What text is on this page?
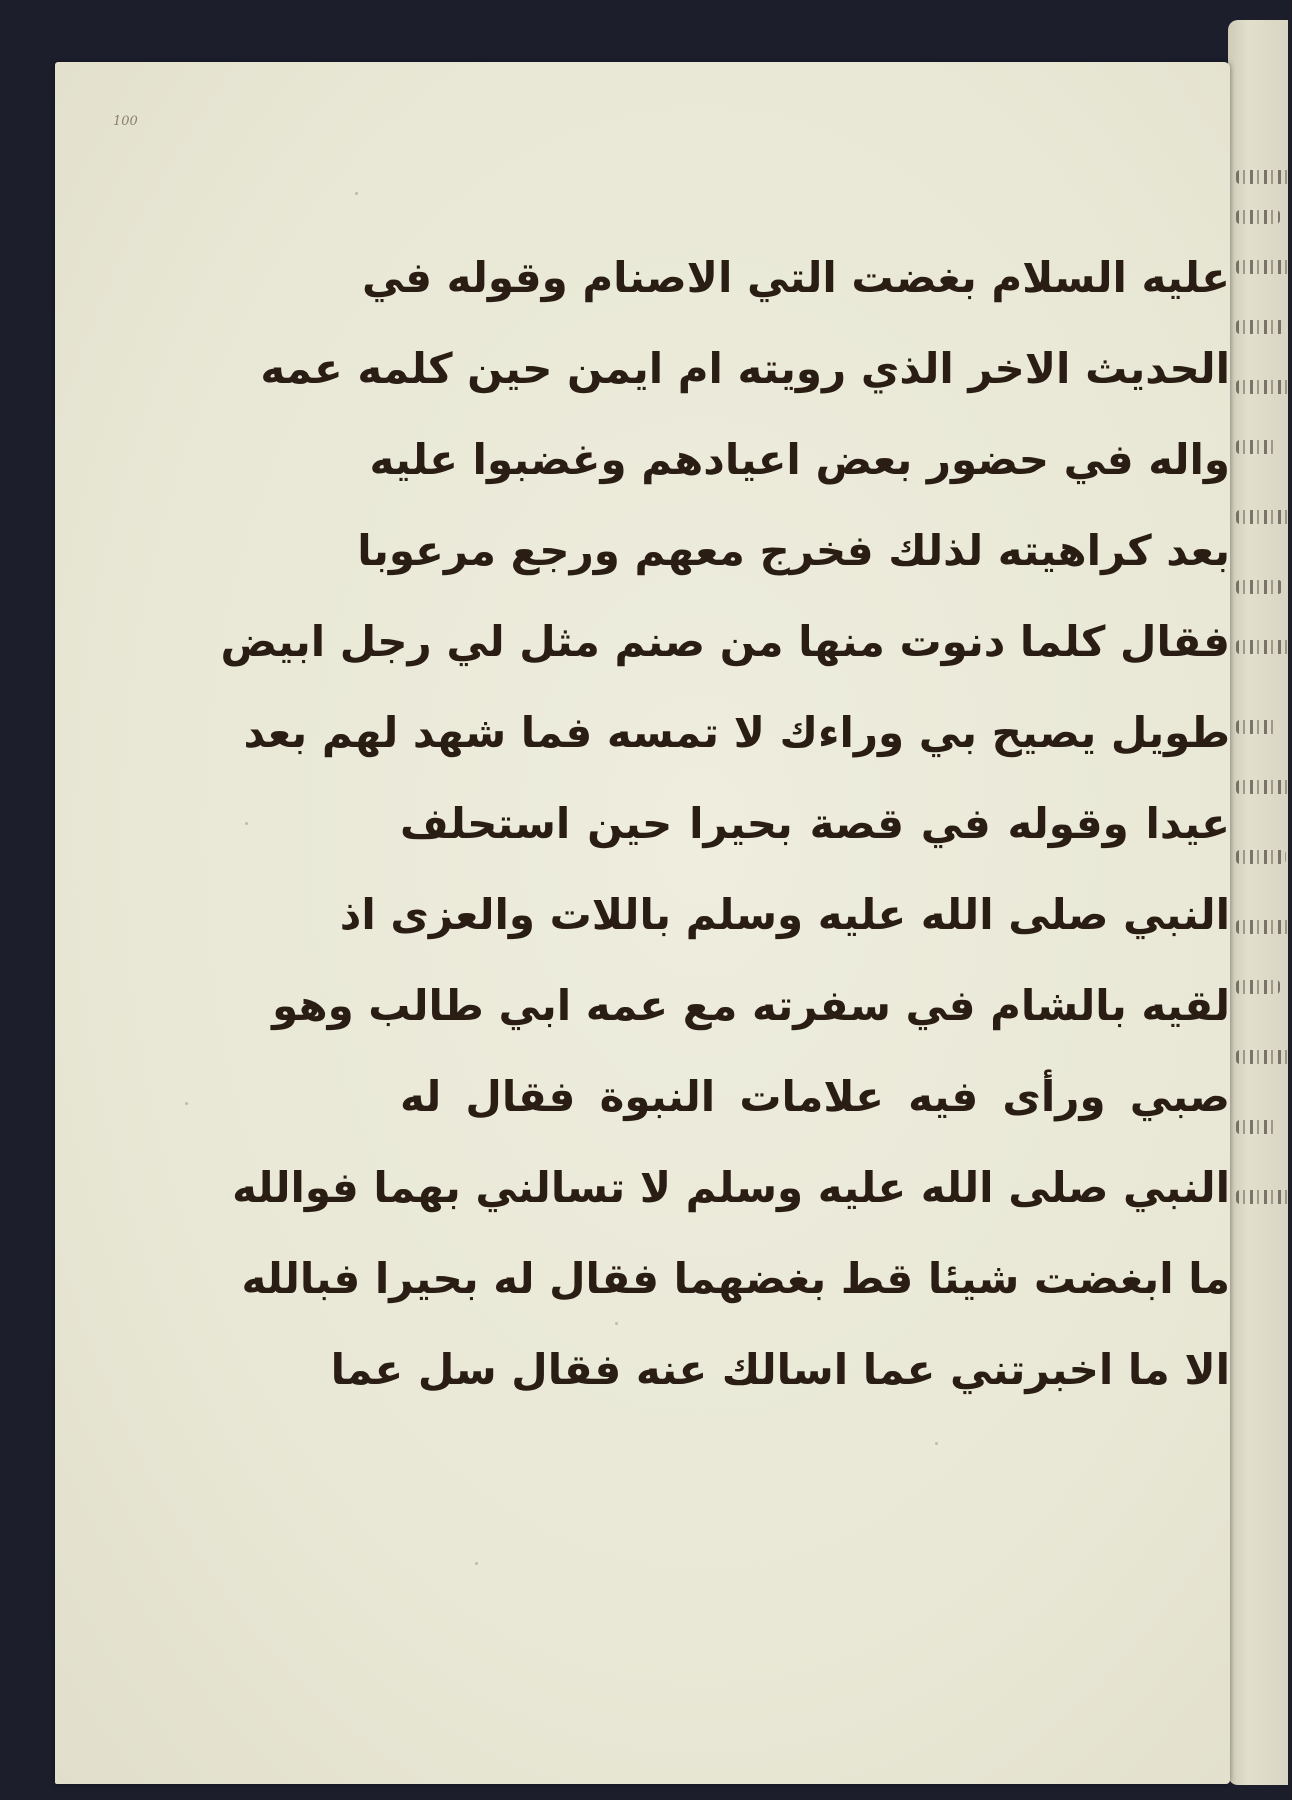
100
عليه السلام بغضت التي الاصنام وقوله في
الحديث الاخر الذي رويته ام ايمن حين كلمه عمه
واله في حضور بعض اعيادهم وغضبوا عليه
بعد كراهيته لذلك فخرج معهم ورجع مرعوبا
فقال كلما دنوت منها من صنم مثل لي رجل ابيض
طويل يصيح بي وراءك لا تمسه فما شهد لهم بعد
عيدا وقوله في قصة بحيرا حين استحلف
النبي صلى الله عليه وسلم باللات والعزى اذ
لقيه بالشام في سفرته مع عمه ابي طالب وهو
صبي ورأى فيه علامات النبوة فقال له
النبي صلى الله عليه وسلم لا تسالني بهما فوالله
ما ابغضت شيئا قط بغضهما فقال له بحيرا فبالله
الا ما اخبرتني عما اسالك عنه فقال سل عما
